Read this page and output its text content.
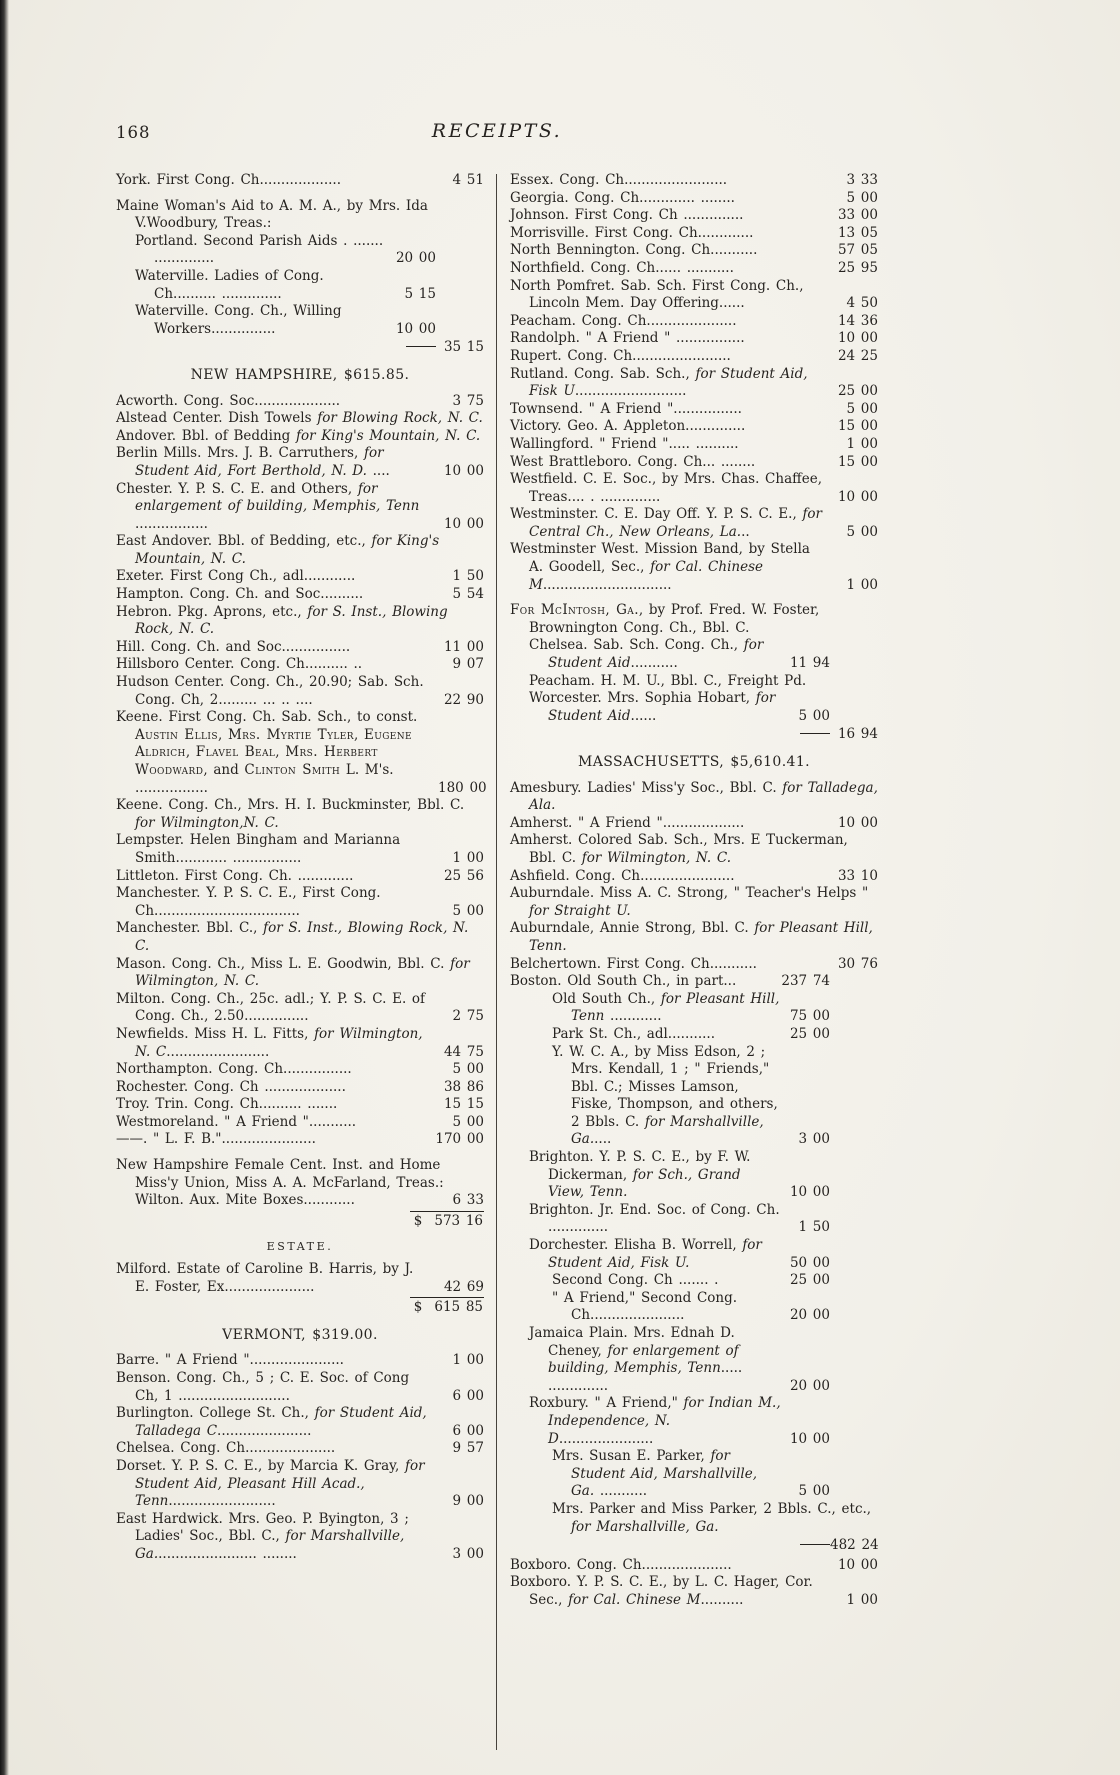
168	RECEIPTS.
York. First Cong. Ch...................	4 51
Maine Woman's Aid to A. M. A., by Mrs. Ida V.Woodbury, Treas.:
Portland. Second Parish Aids . ....... ..............	20 00
Waterville. Ladies of Cong. Ch.......... ..............	5 15
Waterville. Cong. Ch., Willing Workers...............	10 00
35 15
NEW HAMPSHIRE, $615.85.
Acworth. Cong. Soc....................	3 75
Alstead Center. Dish Towels for Blowing Rock, N. C.
Andover. Bbl. of Bedding for King's Mountain, N. C.
Berlin Mills. Mrs. J. B. Carruthers, for Student Aid, Fort Berthold, N. D. ....	10 00
Chester. Y. P. S. C. E. and Others, for enlargement of building, Memphis, Tenn .................	10 00
East Andover. Bbl. of Bedding, etc., for King's Mountain, N. C.
Exeter. First Cong Ch., adl............	1 50
Hampton. Cong. Ch. and Soc..........	5 54
Hebron. Pkg. Aprons, etc., for S. Inst., Blowing Rock, N. C.
Hill. Cong. Ch. and Soc................	11 00
Hillsboro Center. Cong. Ch.......... ..	9 07
Hudson Center. Cong. Ch., 20.90; Sab. Sch. Cong. Ch, 2......... ... .. ....	22 90
Keene. First Cong. Ch. Sab. Sch., to const. Austin Ellis, Mrs. Myrtie Tyler, Eugene Aldrich, Flavel Beal, Mrs. Herbert Woodward, and Clinton Smith L. M's. .................	180 00
Keene. Cong. Ch., Mrs. H. I. Buckminster, Bbl. C. for Wilmington,N. C.
Lempster. Helen Bingham and Marianna Smith............ ................	1 00
Littleton. First Cong. Ch. .............	25 56
Manchester. Y. P. S. C. E., First Cong. Ch..................................	5 00
Manchester. Bbl. C., for S. Inst., Blowing Rock, N. C.
Mason. Cong. Ch., Miss L. E. Goodwin, Bbl. C. for Wilmington, N. C.
Milton. Cong. Ch., 25c. adl.; Y. P. S. C. E. of Cong. Ch., 2.50...............	2 75
Newfields. Miss H. L. Fitts, for Wilmington, N. C........................	44 75
Northampton. Cong. Ch................	5 00
Rochester. Cong. Ch ...................	38 86
Troy. Trin. Cong. Ch.......... .......	15 15
Westmoreland. " A Friend "...........	5 00
——. " L. F. B."......................	170 00
New Hampshire Female Cent. Inst. and Home Miss'y Union, Miss A. A. McFarland, Treas.:
Wilton. Aux. Mite Boxes............	6 33
$ 573 16
ESTATE.
Milford. Estate of Caroline B. Harris, by J. E. Foster, Ex.....................	42 69
$ 615 85
VERMONT, $319.00.
Barre. " A Friend "......................	1 00
Benson. Cong. Ch., 5 ; C. E. Soc. of Cong Ch, 1 ..........................	6 00
Burlington. College St. Ch., for Student Aid, Talladega C......................	6 00
Chelsea. Cong. Ch.....................	9 57
Dorset. Y. P. S. C. E., by Marcia K. Gray, for Student Aid, Pleasant Hill Acad., Tenn.........................	9 00
East Hardwick. Mrs. Geo. P. Byington, 3 ; Ladies' Soc., Bbl. C., for Marshallville, Ga........................ ........	3 00
Essex. Cong. Ch........................	3 33
Georgia. Cong. Ch............. ........	5 00
Johnson. First Cong. Ch ..............	33 00
Morrisville. First Cong. Ch.............	13 05
North Bennington. Cong. Ch...........	57 05
Northfield. Cong. Ch...... ...........	25 95
North Pomfret. Sab. Sch. First Cong. Ch., Lincoln Mem. Day Offering......	4 50
Peacham. Cong. Ch.....................	14 36
Randolph. " A Friend " ................	10 00
Rupert. Cong. Ch.......................	24 25
Rutland. Cong. Sab. Sch., for Student Aid, Fisk U..........................	25 00
Townsend. " A Friend "................	5 00
Victory. Geo. A. Appleton..............	15 00
Wallingford. " Friend "..... ..........	1 00
West Brattleboro. Cong. Ch... ........	15 00
Westfield. C. E. Soc., by Mrs. Chas. Chaffee, Treas.... . ..............	10 00
Westminster. C. E. Day Off. Y. P. S. C. E., for Central Ch., New Orleans, La...	5 00
Westminster West. Mission Band, by Stella A. Goodell, Sec., for Cal. Chinese M..............................	1 00
For McIntosh, Ga., by Prof. Fred. W. Foster, Brownington Cong. Ch., Bbl. C.
Chelsea. Sab. Sch. Cong. Ch., for Student Aid...........	11 94
Peacham. H. M. U., Bbl. C., Freight Pd.
Worcester. Mrs. Sophia Hobart, for Student Aid......	5 00
16 94
MASSACHUSETTS, $5,610.41.
Amesbury. Ladies' Miss'y Soc., Bbl. C. for Talladega, Ala.
Amherst. " A Friend "...................	10 00
Amherst. Colored Sab. Sch., Mrs. E Tuckerman, Bbl. C. for Wilmington, N. C.
Ashfield. Cong. Ch......................	33 10
Auburndale. Miss A. C. Strong, " Teacher's Helps " for Straight U.
Auburndale, Annie Strong, Bbl. C. for Pleasant Hill, Tenn.
Belchertown. First Cong. Ch...........	30 76
Boston. Old South Ch., in part...	237 74
Old South Ch., for Pleasant Hill, Tenn ............	75 00
Park St. Ch., adl...........	25 00
Y. W. C. A., by Miss Edson, 2 ; Mrs. Kendall, 1 ; " Friends," Bbl. C.; Misses Lamson, Fiske, Thompson, and others, 2 Bbls. C. for Marshallville, Ga.....	3 00
Brighton. Y. P. S. C. E., by F. W. Dickerman, for Sch., Grand View, Tenn.	10 00
Brighton. Jr. End. Soc. of Cong. Ch. ..............	1 50
Dorchester. Elisha B. Worrell, for Student Aid, Fisk U.	50 00
Second Cong. Ch ....... .	25 00
" A Friend," Second Cong. Ch......................	20 00
Jamaica Plain. Mrs. Ednah D. Cheney, for enlargement of building, Memphis, Tenn..... ..............	20 00
Roxbury. " A Friend," for Indian M., Independence, N. D......................	10 00
Mrs. Susan E. Parker, for Student Aid, Marshallville, Ga. ...........	5 00
Mrs. Parker and Miss Parker, 2 Bbls. C., etc., for Marshallville, Ga.
482 24
Boxboro. Cong. Ch.....................	10 00
Boxboro. Y. P. S. C. E., by L. C. Hager, Cor. Sec., for Cal. Chinese M..........	1 00
